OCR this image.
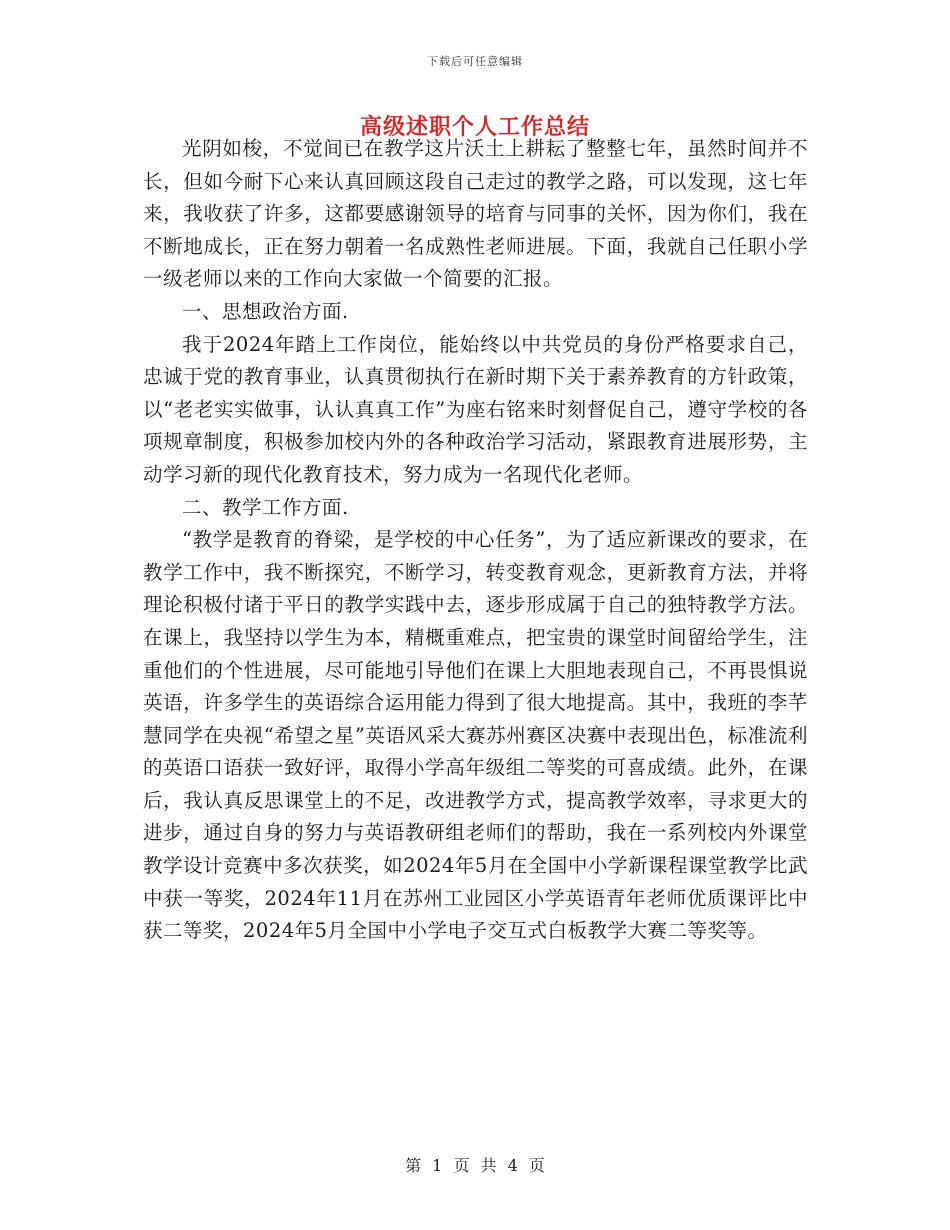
下载后可任意编辑
高级述职个人工作总结

光阴如梭，不觉间已在教学这片沃土上耕耘了整整七年，虽然时间并不长，但如今耐下心来认真回顾这段自己走过的教学之路，可以发现，这七年来，我收获了许多，这都要感谢领导的培育与同事的关怀，因为你们，我在不断地成长，正在努力朝着一名成熟性老师进展。下面，我就自己任职小学一级老师以来的工作向大家做一个简要的汇报。

一、思想政治方面.

我于2024年踏上工作岗位，能始终以中共党员的身份严格要求自己，忠诚于党的教育事业，认真贯彻执行在新时期下关于素养教育的方针政策，以“老老实实做事，认认真真工作”为座右铭来时刻督促自己，遵守学校的各项规章制度，积极参加校内外的各种政治学习活动，紧跟教育进展形势，主动学习新的现代化教育技术，努力成为一名现代化老师。

二、教学工作方面.

“教学是教育的脊梁，是学校的中心任务”，为了适应新课改的要求，在教学工作中，我不断探究，不断学习，转变教育观念，更新教育方法，并将理论积极付诸于平日的教学实践中去，逐步形成属于自己的独特教学方法。在课上，我坚持以学生为本，精概重难点，把宝贵的课堂时间留给学生，注重他们的个性进展，尽可能地引导他们在课上大胆地表现自己，不再畏惧说英语，许多学生的英语综合运用能力得到了很大地提高。其中，我班的李芊慧同学在央视“希望之星”英语风采大赛苏州赛区决赛中表现出色，标准流利的英语口语获一致好评，取得小学高年级组二等奖的可喜成绩。此外，在课后，我认真反思课堂上的不足，改进教学方式，提高教学效率，寻求更大的进步，通过自身的努力与英语教研组老师们的帮助，我在一系列校内外课堂教学设计竞赛中多次获奖，如2024年5月在全国中小学新课程课堂教学比武中获一等奖，2024年11月在苏州工业园区小学英语青年老师优质课评比中获二等奖，2024年5月全国中小学电子交互式白板教学大赛二等奖等。

第 1 页 共 4 页
